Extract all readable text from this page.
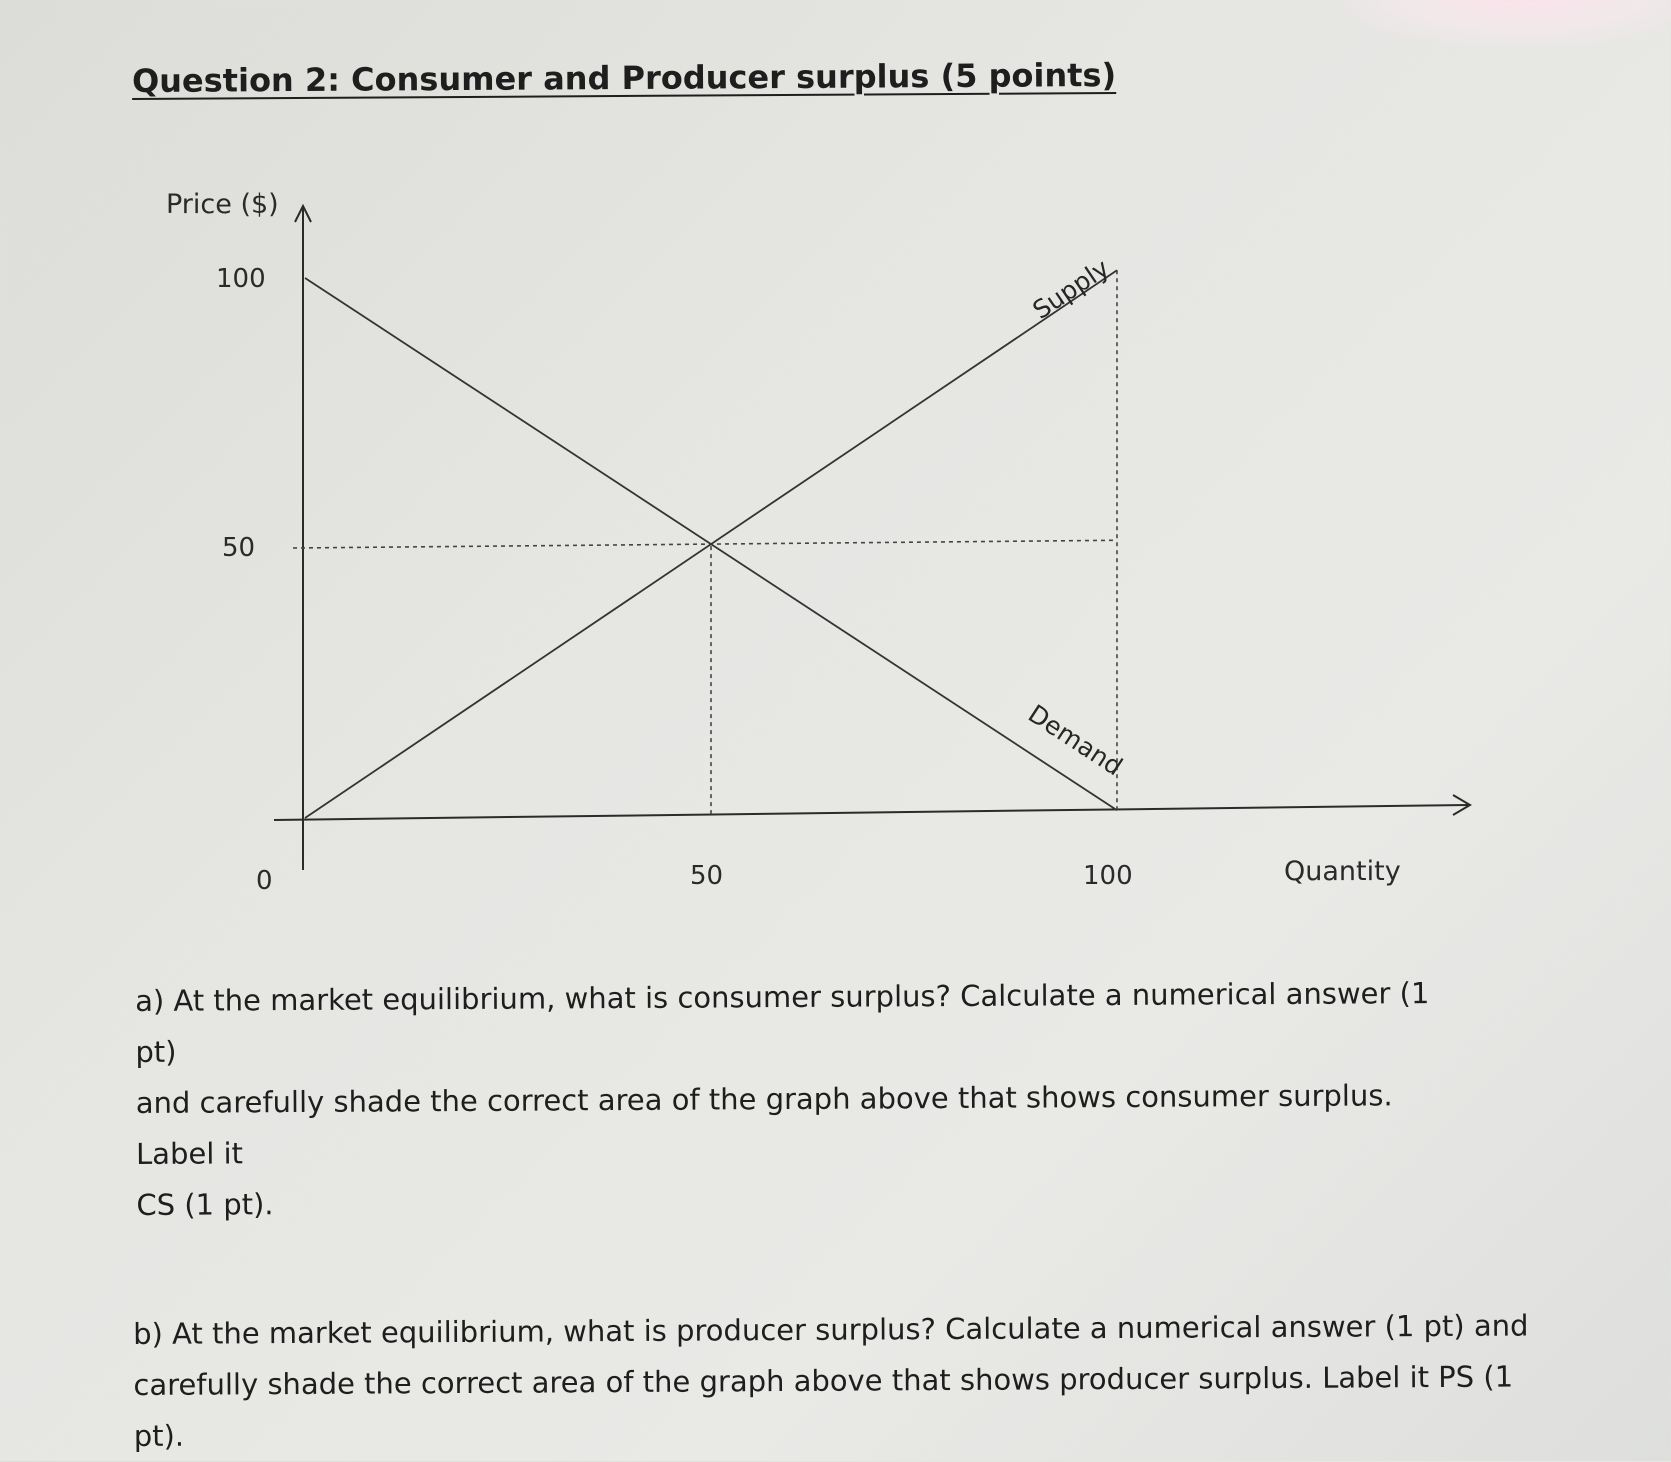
Question 2: Consumer and Producer surplus (5 points)
Supply
Demand
100
50
0	50	100
Price ($)
Quantity

a) At the market equilibrium, what is consumer surplus? Calculate a numerical answer (1 pt)

and carefully shade the correct area of the graph above that shows consumer surplus. Label it

CS (1 pt).

b) At the market equilibrium, what is producer surplus? Calculate a numerical answer (1 pt) and

carefully shade the correct area of the graph above that shows producer surplus. Label it PS (1

pt).
